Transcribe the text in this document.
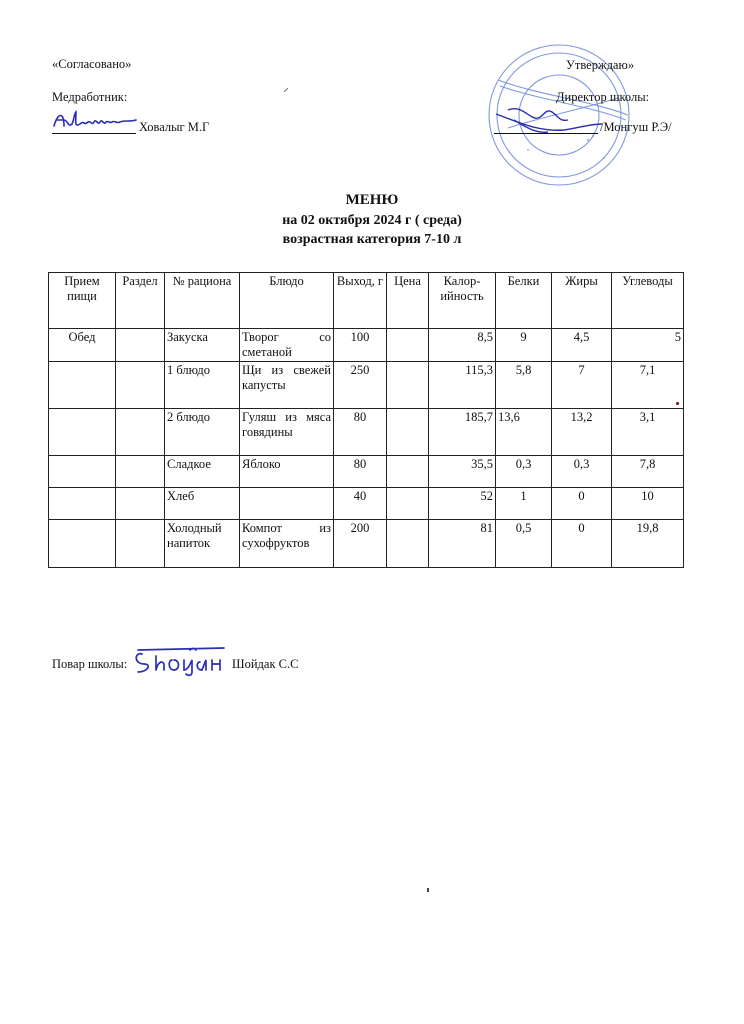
«Согласовано»
Медработник:
Ховалыг М.Г
Утверждаю»
Директор школы:
/Монгуш Р.Э/
МЕНЮ
на 02 октября 2024 г ( среда)
возрастная категория 7-10 л
Прием пищи	Раздел	№ рациона	Блюдо	Выход, г	Цена	Калор-ийность	Белки	Жиры	Углеводы
Обед		Закуска	Творог со сметаной	100		8,5	9	4,5	5
		1 блюдо	Щи из свежей капусты	250		115,3	5,8	7	7,1
		2 блюдо	Гуляш из мяса говядины	80		185,7	13,6	13,2	3,1
		Сладкое	Яблоко	80		35,5	0,3	0,3	7,8
		Хлеб		40		52	1	0	10
		Холодный напиток	Компот из сухофруктов	200		81	0,5	0	19,8
Повар школы:	Шойдак С.С
